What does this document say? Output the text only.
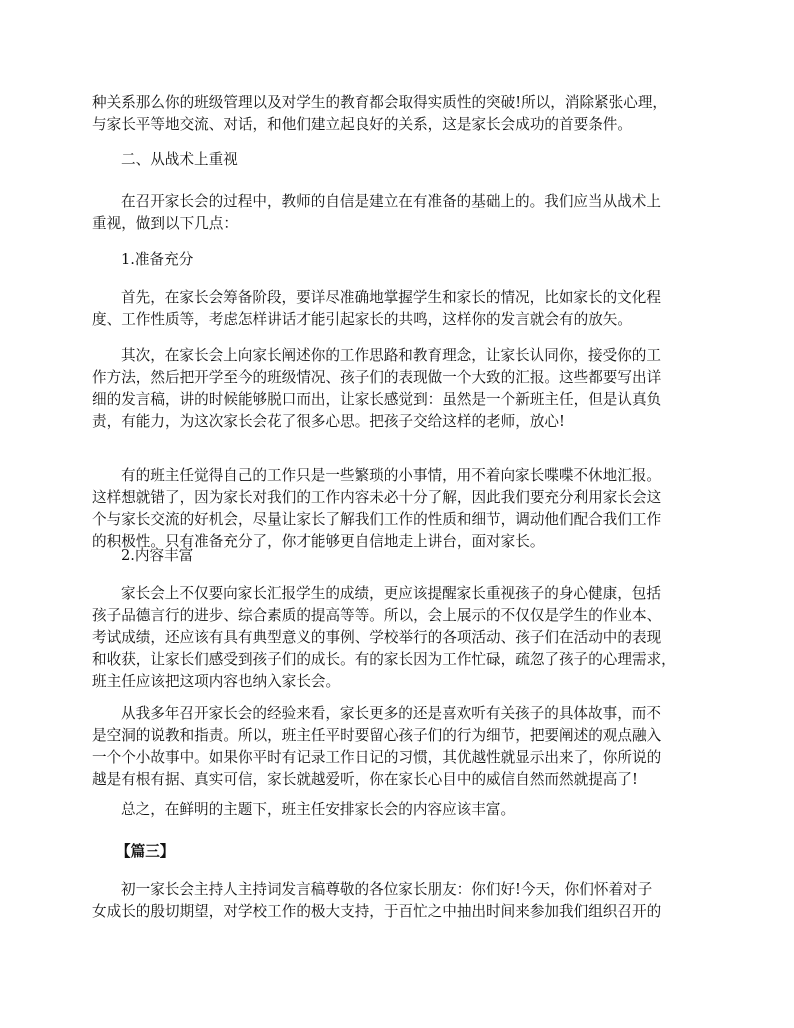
种关系那么你的班级管理以及对学生的教育都会取得实质性的突破!所以，消除紧张心理，
与家长平等地交流、对话，和他们建立起良好的关系，这是家长会成功的首要条件。
二、从战术上重视
在召开家长会的过程中，教师的自信是建立在有准备的基础上的。我们应当从战术上
重视，做到以下几点：
1.准备充分
首先，在家长会筹备阶段，要详尽准确地掌握学生和家长的情况，比如家长的文化程
度、工作性质等，考虑怎样讲话才能引起家长的共鸣，这样你的发言就会有的放矢。
其次，在家长会上向家长阐述你的工作思路和教育理念，让家长认同你，接受你的工
作方法，然后把开学至今的班级情况、孩子们的表现做一个大致的汇报。这些都要写出详
细的发言稿，讲的时候能够脱口而出，让家长感觉到：虽然是一个新班主任，但是认真负
责，有能力，为这次家长会花了很多心思。把孩子交给这样的老师，放心!
有的班主任觉得自己的工作只是一些繁琐的小事情，用不着向家长喋喋不休地汇报。
这样想就错了，因为家长对我们的工作内容未必十分了解，因此我们要充分利用家长会这
个与家长交流的好机会，尽量让家长了解我们工作的性质和细节，调动他们配合我们工作
的积极性。只有准备充分了，你才能够更自信地走上讲台，面对家长。
2.内容丰富
家长会上不仅要向家长汇报学生的成绩，更应该提醒家长重视孩子的身心健康，包括
孩子品德言行的进步、综合素质的提高等等。所以，会上展示的不仅仅是学生的作业本、
考试成绩，还应该有具有典型意义的事例、学校举行的各项活动、孩子们在活动中的表现
和收获，让家长们感受到孩子们的成长。有的家长因为工作忙碌，疏忽了孩子的心理需求，
班主任应该把这项内容也纳入家长会。
从我多年召开家长会的经验来看，家长更多的还是喜欢听有关孩子的具体故事，而不
是空洞的说教和指责。所以，班主任平时要留心孩子们的行为细节，把要阐述的观点融入
一个个小故事中。如果你平时有记录工作日记的习惯，其优越性就显示出来了，你所说的
越是有根有据、真实可信，家长就越爱听，你在家长心目中的威信自然而然就提高了!
总之，在鲜明的主题下，班主任安排家长会的内容应该丰富。
【篇三】
初一家长会主持人主持词发言稿尊敬的各位家长朋友：你们好!今天，你们怀着对子
女成长的殷切期望，对学校工作的极大支持，于百忙之中抽出时间来参加我们组织召开的
